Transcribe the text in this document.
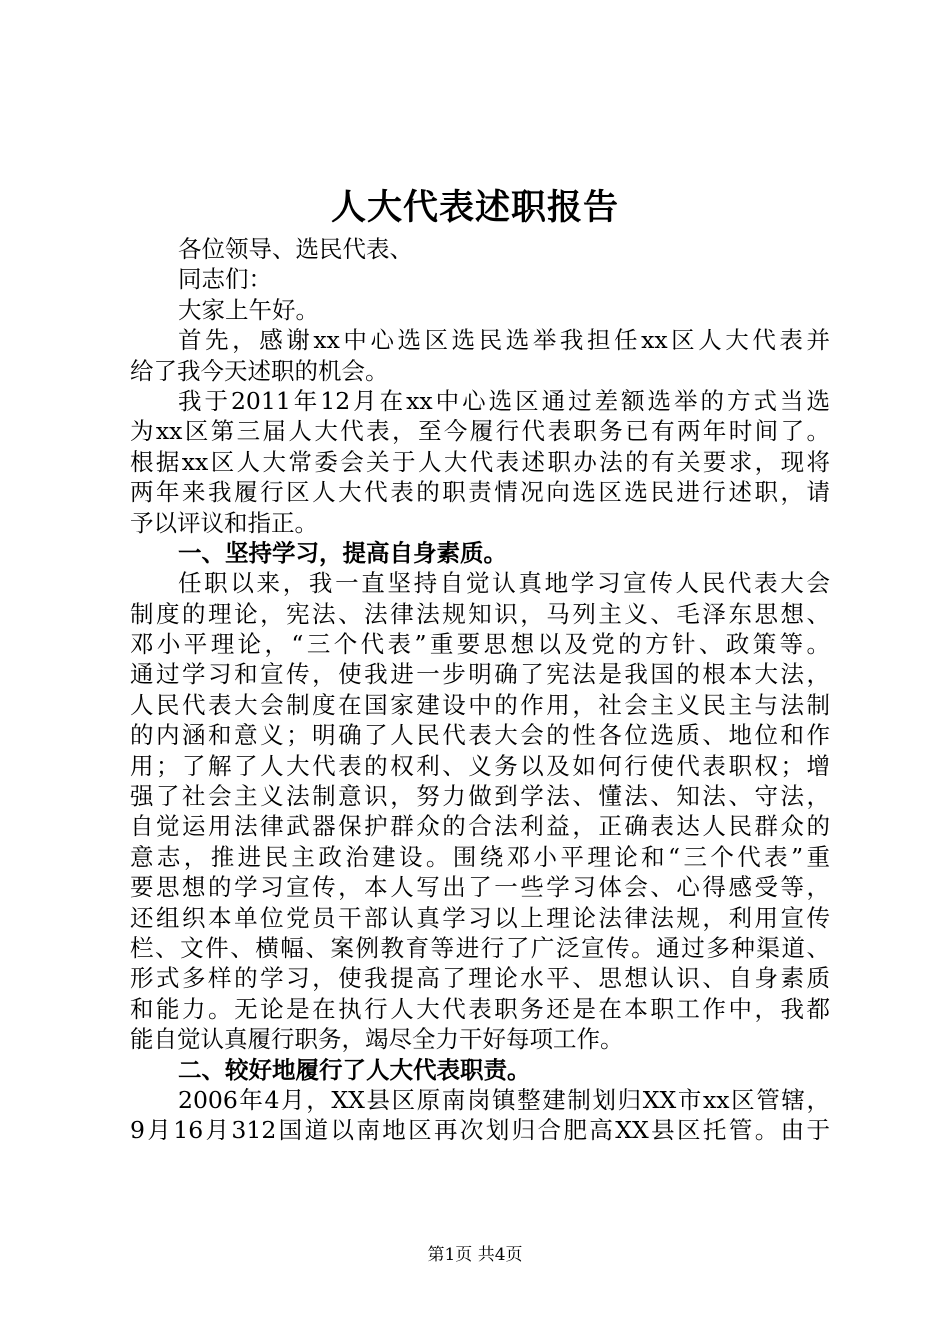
人大代表述职报告
各位领导、选民代表、
同志们：
大家上午好。
首先，感谢xx中心选区选民选举我担任xx区人大代表并
给了我今天述职的机会。
我于2011年12月在xx中心选区通过差额选举的方式当选
为xx区第三届人大代表，至今履行代表职务已有两年时间了。
根据xx区人大常委会关于人大代表述职办法的有关要求，现将
两年来我履行区人大代表的职责情况向选区选民进行述职，请
予以评议和指正。
一、坚持学习，提高自身素质。
任职以来，我一直坚持自觉认真地学习宣传人民代表大会
制度的理论，宪法、法律法规知识，马列主义、毛泽东思想、
邓小平理论，“三个代表”重要思想以及党的方针、政策等。
通过学习和宣传，使我进一步明确了宪法是我国的根本大法，
人民代表大会制度在国家建设中的作用，社会主义民主与法制
的内涵和意义；明确了人民代表大会的性各位选质、地位和作
用；了解了人大代表的权利、义务以及如何行使代表职权；增
强了社会主义法制意识，努力做到学法、懂法、知法、守法，
自觉运用法律武器保护群众的合法利益，正确表达人民群众的
意志，推进民主政治建设。围绕邓小平理论和“三个代表”重
要思想的学习宣传，本人写出了一些学习体会、心得感受等，
还组织本单位党员干部认真学习以上理论法律法规，利用宣传
栏、文件、横幅、案例教育等进行了广泛宣传。通过多种渠道、
形式多样的学习，使我提高了理论水平、思想认识、自身素质
和能力。无论是在执行人大代表职务还是在本职工作中，我都
能自觉认真履行职务，竭尽全力干好每项工作。
二、较好地履行了人大代表职责。
2006年4月，XX县区原南岗镇整建制划归XX市xx区管辖，
9月16月312国道以南地区再次划归合肥高XX县区托管。由于
第1页 共4页
